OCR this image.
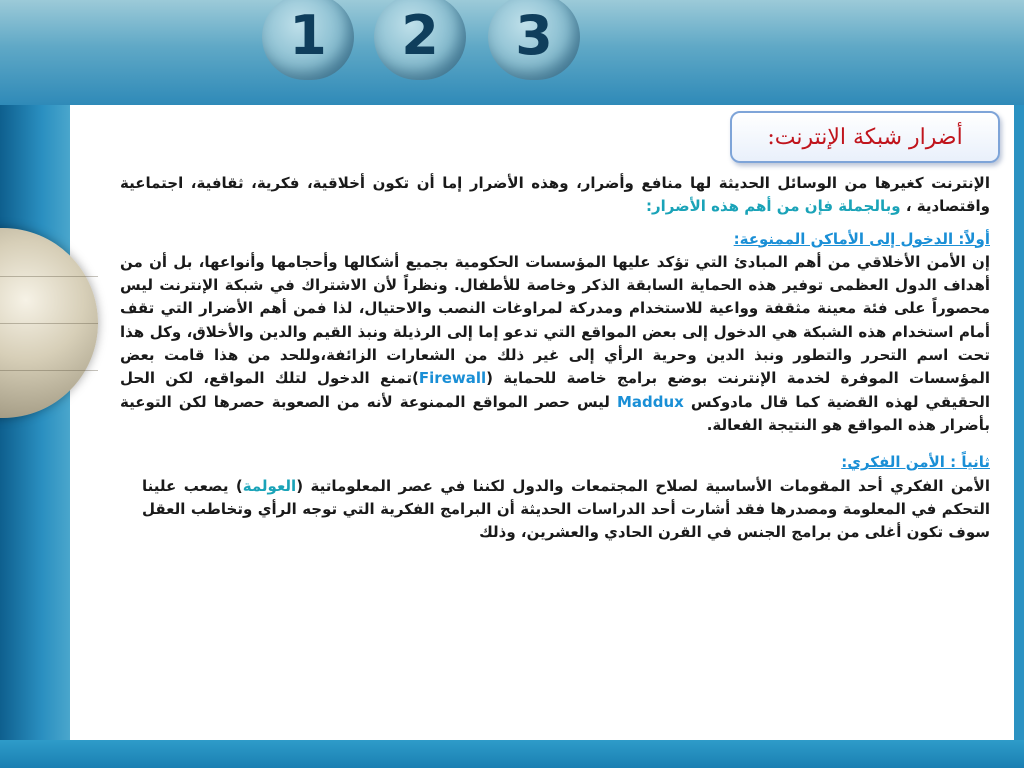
1	2	3
أضرار شبكة الإنترنت:

الإنترنت كغيرها من الوسائل الحديثة لها منافع وأضرار، وهذه الأضرار إما أن تكون أخلاقية، فكرية، ثقافية، اجتماعية واقتصادية ، وبالجملة فإن من أهم هذه الأضرار:

أولاً: الدخول إلى الأماكن الممنوعة:

إن الأمن الأخلاقي من أهم المبادئ التي تؤكد عليها المؤسسات الحكومية بجميع أشكالها وأحجامها وأنواعها، بل أن من أهداف الدول العظمى توفير هذه الحماية السابقة الذكر وخاصة للأطفال. ونظراً لأن الاشتراك في شبكة الإنترنت ليس محصوراً على فئة معينة مثقفة وواعية للاستخدام ومدركة لمراوغات النصب والاحتيال، لذا فمن أهم الأضرار التي تقف أمام استخدام هذه الشبكة هي الدخول إلى بعض المواقع التي تدعو إما إلى الرذيلة ونبذ القيم والدين والأخلاق، وكل هذا تحت اسم التحرر والتطور ونبذ الدين وحرية الرأي إلى غير ذلك من الشعارات الزائفة،وللحد من هذا قامت بعض المؤسسات الموفرة لخدمة الإنترنت بوضع برامج خاصة للحماية (Firewall)تمنع الدخول لتلك المواقع، لكن الحل الحقيقي لهذه القضية كما قال مادوكس Maddux ليس حصر المواقع الممنوعة لأنه من الصعوبة حصرها لكن التوعية بأضرار هذه المواقع هو النتيجة الفعالة.

ثانياً : الأمن الفكري:

الأمن الفكري أحد المقومات الأساسية لصلاح المجتمعات والدول لكننا في عصر المعلوماتية (العولمة) يصعب علينا التحكم في المعلومة ومصدرها فقد أشارت أحد الدراسات الحديثة أن البرامج الفكرية التي توجه الرأي وتخاطب العقل سوف تكون أغلى من برامج الجنس في القرن الحادي والعشرين، وذلك
